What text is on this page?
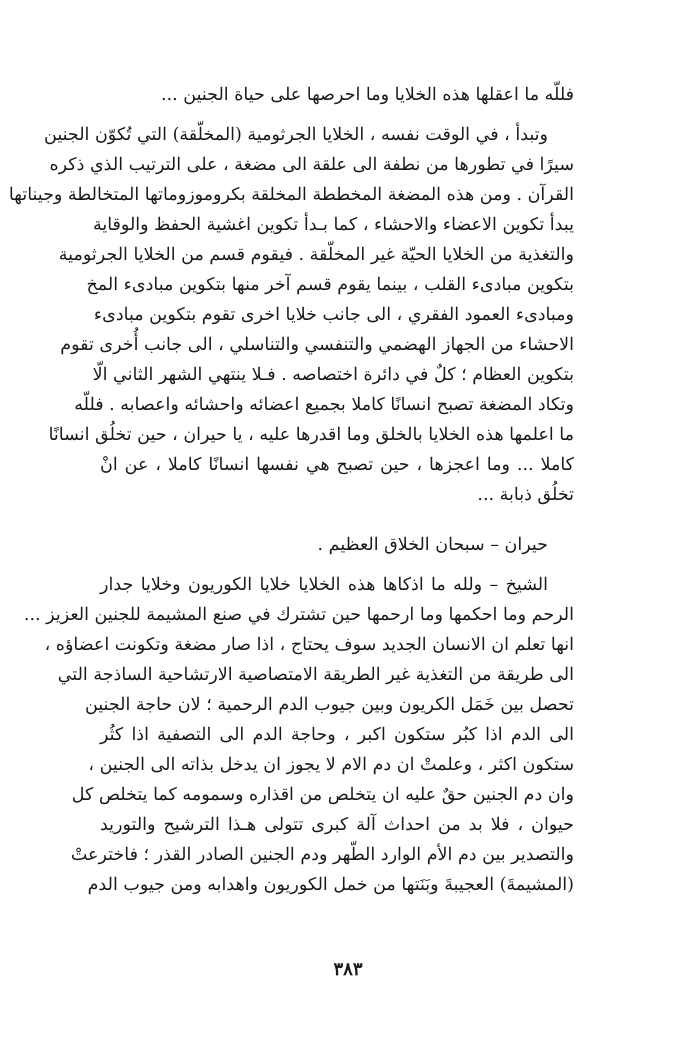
فللّه ما اعقلها هذه الخلايا وما احرصها على حياة الجنين ...
وتبدأ ، في الوقت نفسه ، الخلايا الجرثومية (المخلّقة) التي تُكوّن الجنين
سيرًا في تطورها من نطفة الى علقة الى مضغة ، على الترتيب الذي ذكره
القرآن . ومن هذه المضغة المخططة المخلقة بكروموزوماتها المتخالطة وجيناتها
يبدأ تكوين الاعضاء والاحشاء ، كما بـدأ تكوين اغشية الحفظ والوقاية
والتغذية من الخلايا الحيّة غير المخلّقة . فيقوم قسم من الخلايا الجرثومية
بتكوين مبادىء القلب ، بينما يقوم قسم آخر منها بتكوين مبادىء المخ
ومبادىء العمود الفقري ، الى جانب خلايا اخرى تقوم بتكوين مبادىء
الاحشاء من الجهاز الهضمي والتنفسي والتناسلي ، الى جانب أُخرى تقوم
بتكوين العظام ؛ كلٌ في دائرة اختصاصه . فـلا ينتهي الشهر الثاني الّا
وتكاد المضغة تصبح انسانًا كاملا بجميع اعضائه واحشائه واعصابه . فللّه
ما اعلمها هذه الخلايا بالخلق وما اقدرها عليه ، يا حيران ، حين تخلُق انسانًا
كاملا ... وما اعجزها ، حين تصبح هي نفسها انسانًا كاملا ، عن انْ
تخلُق ذبابة ...
حيران – سبحان الخلاق العظيم .
الشيخ – ولله ما اذكاها هذه الخلايا خلايا الكوريون وخلايا جدار
الرحم وما احكمها وما ارحمها حين تشترك في صنع المشيمة للجنين العزيز ...
انها تعلم ان الانسان الجديد سوف يحتاج ، اذا صار مضغة وتكونت اعضاؤه ،
الى طريقة من التغذية غير الطريقة الامتصاصية الارتشاحية الساذجة التي
تحصل بين خَمَل الكريون وبين جيوب الدم الرحمية ؛ لان حاجة الجنين
الى الدم اذا كبُر ستكون اكبر ، وحاجة الدم الى التصفية اذا كثُر
ستكون اكثر ، وعلمتْ ان دم الام لا يجوز ان يدخل بذاته الى الجنين ،
وان دم الجنين حقٌ عليه ان يتخلص من اقذاره وسمومه كما يتخلص كل
حيوان ، فلا بد من احداث آلة كبرى تتولى هـذا الترشيح والتوريد
والتصدير بين دم الأم الوارد الطّهر ودم الجنين الصادر القذر ؛ فاخترعتْ
(المشيمةَ) العجيبةَ وبَنَتها من خمل الكوريون واهدابه ومن جيوب الدم
٣٨٣
